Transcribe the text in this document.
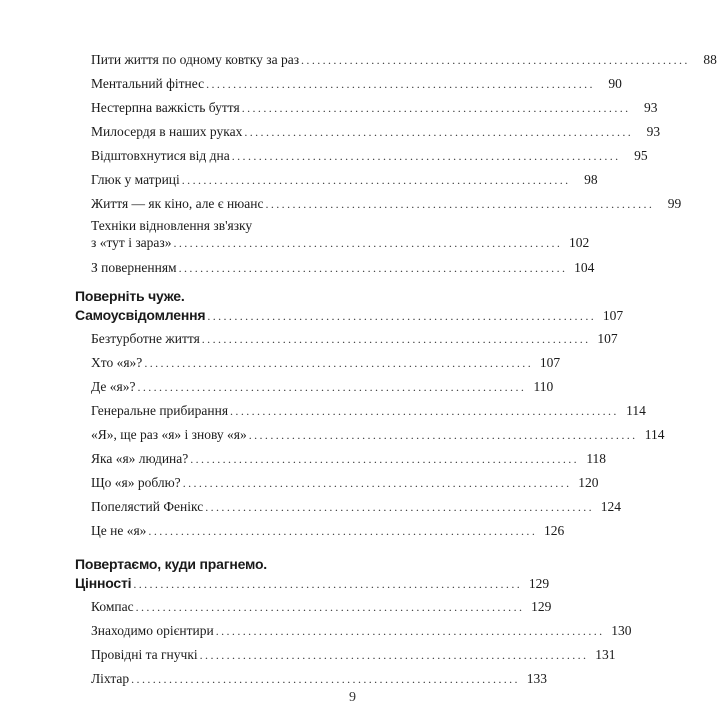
Пити життя по одному ковтку за раз ........................................................................	88
Ментальний фітнес ........................................................................	90
Нестерпна важкість буття ........................................................................	93
Милосердя в наших руках ........................................................................	93
Відштовхнутися від дна ........................................................................	95
Глюк у матриці ........................................................................	98
Життя — як кіно, але є нюанс ........................................................................	99
Техніки відновлення зв'язку
з «тут і зараз» ........................................................................ 102
З поверненням ........................................................................ 104
Поверніть чуже.
Самоусвідомлення ........................................................................ 107
Безтурботне життя ........................................................................ 107
Хто «я»? ........................................................................ 107
Де «я»? ........................................................................ 110
Генеральне прибирання ........................................................................ 114
«Я», ще раз «я» і знову «я» ........................................................................ 114
Яка «я» людина? ........................................................................ 118
Що «я» роблю? ........................................................................ 120
Попелястий Фенікс ........................................................................ 124
Це не «я» ........................................................................ 126
Повертаємо, куди прагнемо.
Цінності ........................................................................ 129
Компас ........................................................................ 129
Знаходимо орієнтири ........................................................................ 130
Провідні та гнучкі ........................................................................ 131
Ліхтар ........................................................................ 133
9
